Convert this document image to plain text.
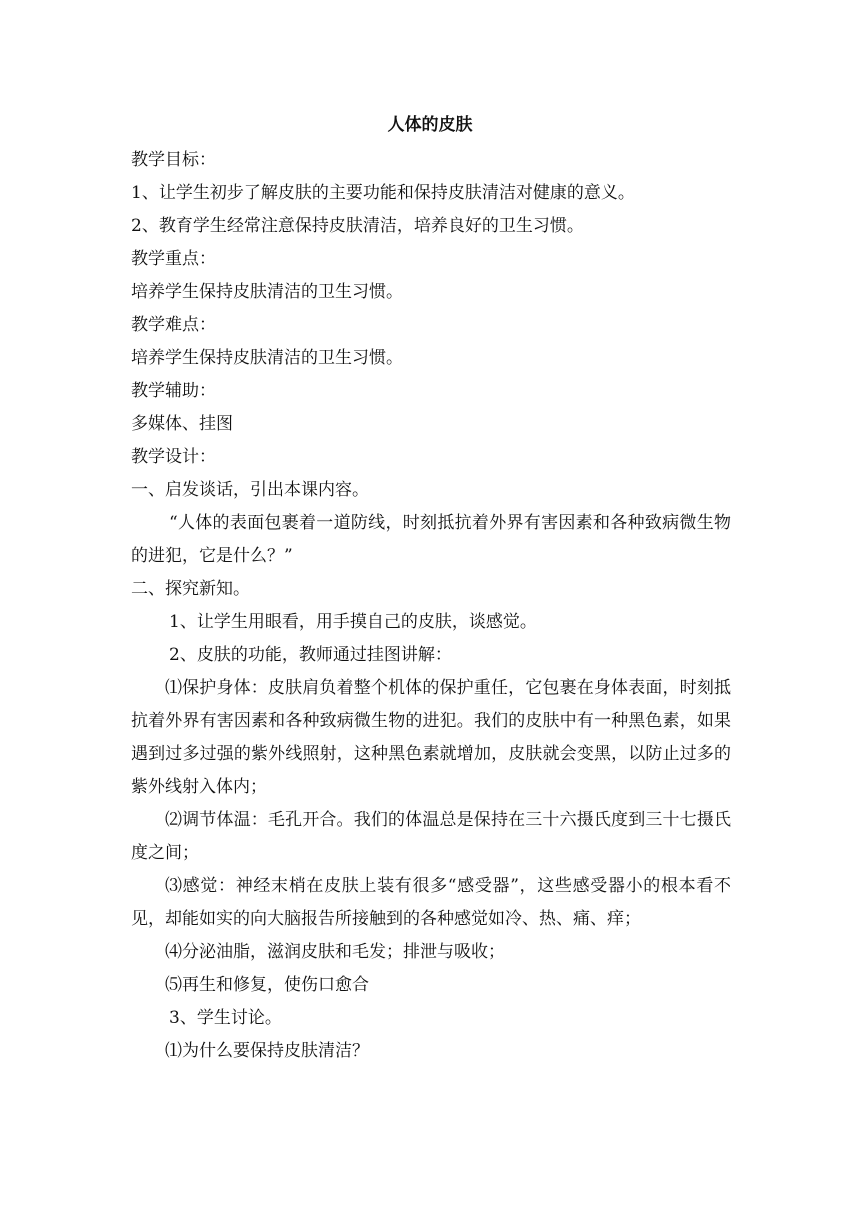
人体的皮肤

教学目标：

1、让学生初步了解皮肤的主要功能和保持皮肤清洁对健康的意义。

2、教育学生经常注意保持皮肤清洁，培养良好的卫生习惯。

教学重点：

培养学生保持皮肤清洁的卫生习惯。

教学难点：

培养学生保持皮肤清洁的卫生习惯。

教学辅助：

多媒体、挂图

教学设计：

一、启发谈话，引出本课内容。

“人体的表面包裹着一道防线，时刻抵抗着外界有害因素和各种致病微生物的进犯，它是什么？”

二、探究新知。

1、让学生用眼看，用手摸自己的皮肤，谈感觉。

2、皮肤的功能，教师通过挂图讲解：

⑴保护身体：皮肤肩负着整个机体的保护重任，它包裹在身体表面，时刻抵抗着外界有害因素和各种致病微生物的进犯。我们的皮肤中有一种黑色素，如果遇到过多过强的紫外线照射，这种黑色素就增加，皮肤就会变黑，以防止过多的紫外线射入体内；

⑵调节体温：毛孔开合。我们的体温总是保持在三十六摄氏度到三十七摄氏度之间；

⑶感觉：神经末梢在皮肤上装有很多“感受器”，这些感受器小的根本看不见，却能如实的向大脑报告所接触到的各种感觉如冷、热、痛、痒；

⑷分泌油脂，滋润皮肤和毛发；排泄与吸收；

⑸再生和修复，使伤口愈合

3、学生讨论。

⑴为什么要保持皮肤清洁？
